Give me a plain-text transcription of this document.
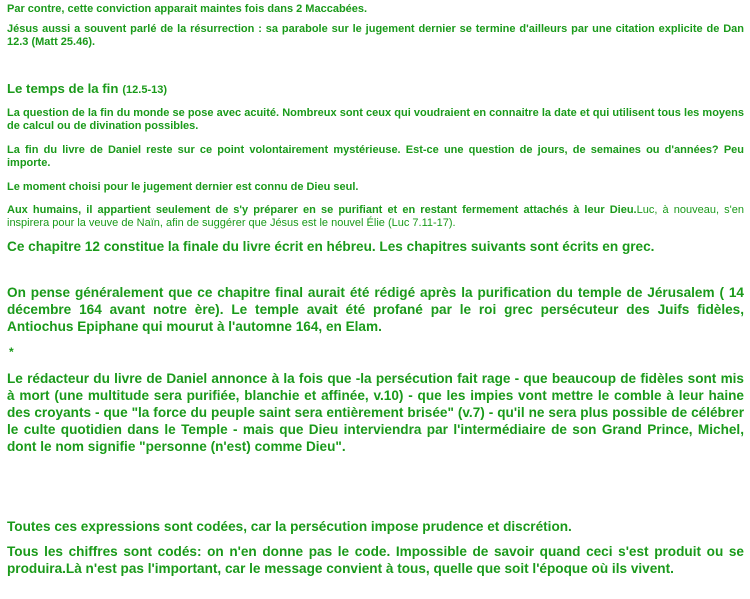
Par contre, cette conviction apparait maintes fois dans 2 Maccabées.

Jésus aussi a souvent parlé de la résurrection : sa parabole sur le jugement dernier se termine d'ailleurs par une citation explicite de Dan 12.3 (Matt 25.46).

Le temps de la fin (12.5-13)

La question de la fin du monde se pose avec acuité. Nombreux sont ceux qui voudraient en connaitre la date et qui utilisent tous les moyens de calcul ou de divination possibles.

La fin du livre de Daniel reste sur ce point volontairement mystérieuse. Est-ce une question de jours, de semaines ou d'années? Peu importe.

Le moment choisi pour le jugement dernier est connu de Dieu seul.

Aux humains, il appartient seulement de s'y préparer en se purifiant et en restant fermement attachés à leur Dieu.Luc, à nouveau, s'en inspirera pour la veuve de Naïn, afin de suggérer que Jésus est le nouvel Élie (Luc 7.11-17).

Ce chapitre 12 constitue la finale du livre écrit en hébreu. Les chapitres suivants sont écrits en grec.

On pense généralement que ce chapitre final aurait été rédigé après la purification du temple de Jérusalem ( 14 décembre 164 avant notre ère). Le temple avait été profané par le roi grec persécuteur des Juifs fidèles, Antiochus Epiphane qui mourut à l'automne 164, en Elam.

*

Le rédacteur du livre de Daniel annonce à la fois que -la persécution fait rage - que beaucoup de fidèles sont mis à mort (une multitude sera purifiée, blanchie et affinée, v.10) - que les impies vont mettre le comble à leur haine des croyants - que "la force du peuple saint sera entièrement brisée" (v.7) - qu'il ne sera plus possible de célébrer le culte quotidien dans le Temple - mais que Dieu interviendra par l'intermédiaire de son Grand Prince, Michel, dont le nom signifie "personne (n'est) comme Dieu".

Toutes ces expressions sont codées, car la persécution impose prudence et discrétion.

Tous les chiffres sont codés: on n'en donne pas le code. Impossible de savoir quand ceci s'est produit ou se produira.Là n'est pas l'important, car le message convient à tous, quelle que soit l'époque où ils vivent.
